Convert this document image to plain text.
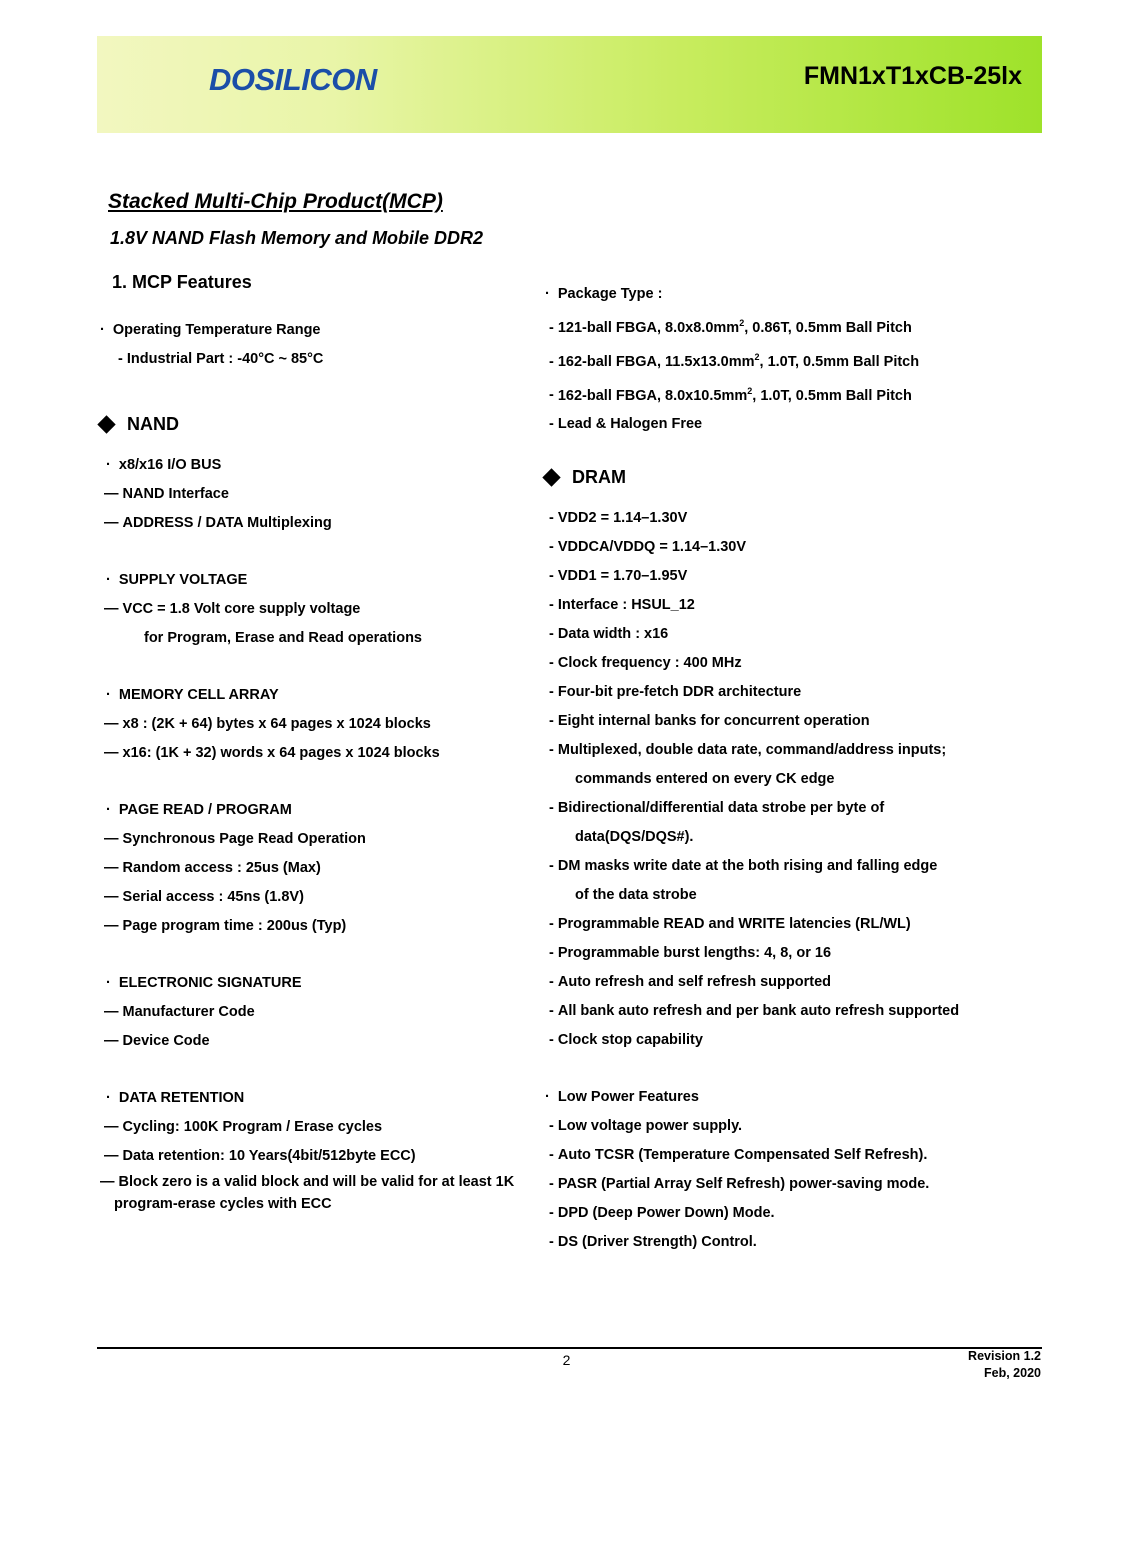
DOSILICON	FMN1xT1xCB-25lx
Stacked Multi-Chip Product(MCP)
1.8V NAND Flash Memory and Mobile DDR2
1. MCP Features
·  Operating Temperature Range
- Industrial Part : -40°C ~ 85°C
NAND
·  x8/x16 I/O BUS
— NAND Interface
— ADDRESS / DATA Multiplexing
·  SUPPLY VOLTAGE
— VCC = 1.8 Volt core supply voltage
for Program, Erase and Read operations
·  MEMORY CELL ARRAY
— x8 : (2K + 64) bytes x 64 pages x 1024 blocks
— x16: (1K + 32) words x 64 pages x 1024 blocks
·  PAGE READ / PROGRAM
— Synchronous Page Read Operation
— Random access : 25us (Max)
— Serial access : 45ns (1.8V)
— Page program time : 200us (Typ)
·  ELECTRONIC SIGNATURE
— Manufacturer Code
— Device Code
·  DATA RETENTION
— Cycling: 100K Program / Erase cycles
— Data retention: 10 Years(4bit/512byte ECC)
— Block zero is a valid block and will be valid for at least 1K program-erase cycles with ECC
·  Package Type :
- 121-ball FBGA, $8.0x8.0mm^2$, 0.86T, 0.5mm Ball Pitch
- 162-ball FBGA, $11.5x13.0mm^2$, 1.0T, 0.5mm Ball Pitch
- 162-ball FBGA, $8.0x10.5mm^2$, 1.0T, 0.5mm Ball Pitch
- Lead & Halogen Free
DRAM
- VDD2 = 1.14–1.30V
- VDDCA/VDDQ = 1.14–1.30V
- VDD1 = 1.70–1.95V
- Interface : HSUL_12
- Data width : x16
- Clock frequency : 400 MHz
- Four-bit pre-fetch DDR architecture
- Eight internal banks for concurrent operation
- Multiplexed, double data rate, command/address inputs;
commands entered on every CK edge
- Bidirectional/differential data strobe per byte of
data(DQS/DQS#).
- DM masks write date at the both rising and falling edge
of the data strobe
- Programmable READ and WRITE latencies (RL/WL)
- Programmable burst lengths: 4, 8, or 16
- Auto refresh and self refresh supported
- All bank auto refresh and per bank auto refresh supported
- Clock stop capability
·  Low Power Features
- Low voltage power supply.
- Auto TCSR (Temperature Compensated Self Refresh).
- PASR (Partial Array Self Refresh) power-saving mode.
- DPD (Deep Power Down) Mode.
- DS (Driver Strength) Control.
2	Revision 1.2
Feb, 2020
